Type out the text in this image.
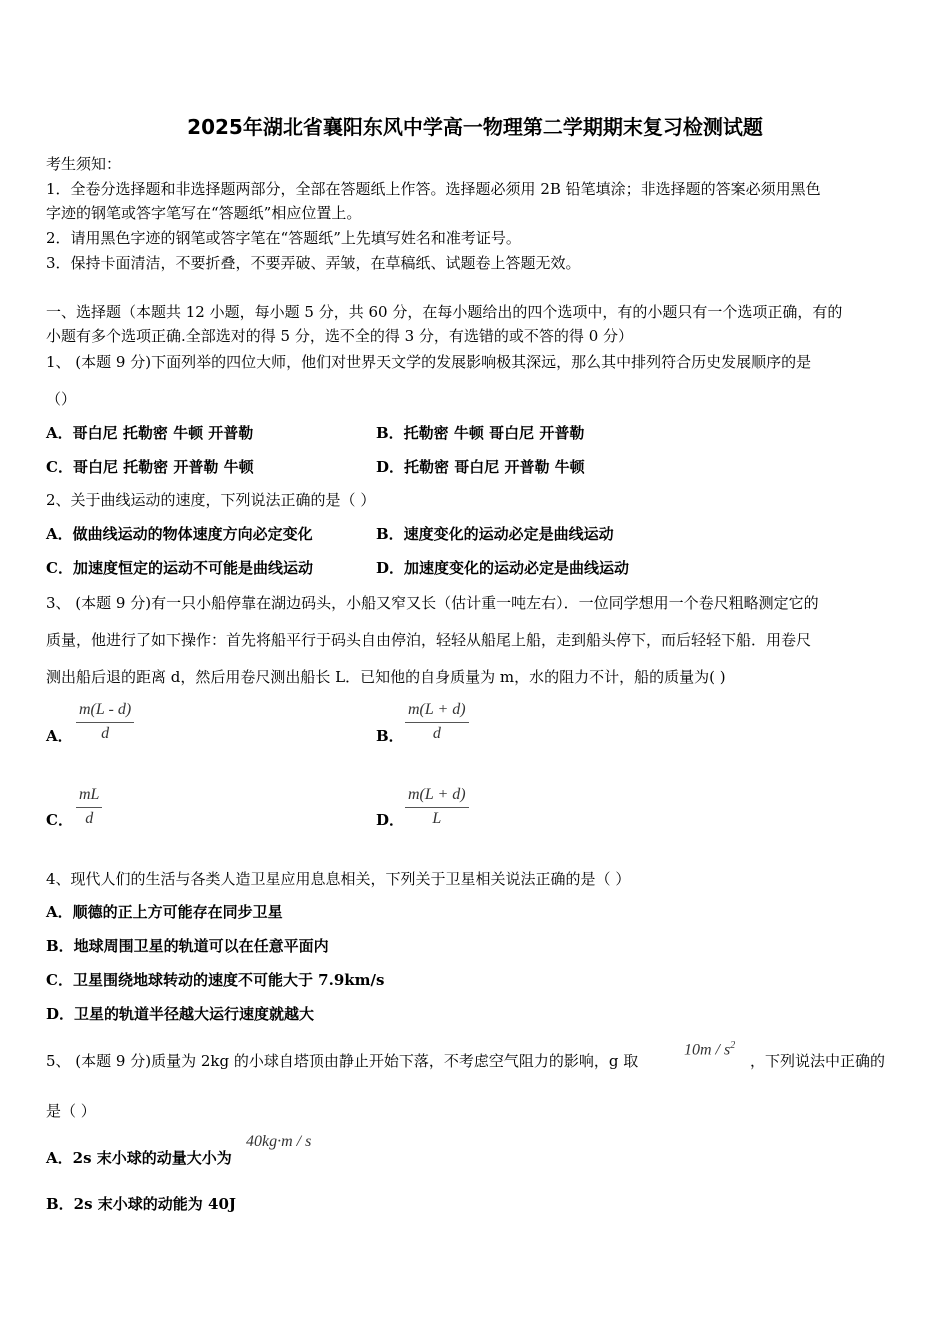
2025年湖北省襄阳东风中学高一物理第二学期期末复习检测试题
考生须知：
1．全卷分选择题和非选择题两部分，全部在答题纸上作答。选择题必须用 2B 铅笔填涂；非选择题的答案必须用黑色
字迹的钢笔或答字笔写在“答题纸”相应位置上。
2．请用黑色字迹的钢笔或答字笔在“答题纸”上先填写姓名和准考证号。
3．保持卡面清洁，不要折叠，不要弄破、弄皱，在草稿纸、试题卷上答题无效。
一、选择题（本题共 12 小题，每小题 5 分，共 60 分，在每小题给出的四个选项中，有的小题只有一个选项正确，有的
小题有多个选项正确.全部选对的得 5 分，选不全的得 3 分，有选错的或不答的得 0 分）
1、 (本题 9 分)下面列举的四位大师，他们对世界天文学的发展影响极其深远，那么其中排列符合历史发展顺序的是
（）
A．哥白尼 托勒密 牛顿 开普勒	B．托勒密 牛顿 哥白尼 开普勒
C．哥白尼 托勒密 开普勒 牛顿	D．托勒密 哥白尼 开普勒 牛顿
2、关于曲线运动的速度，下列说法正确的是（ ）
A．做曲线运动的物体速度方向必定变化	B．速度变化的运动必定是曲线运动
C．加速度恒定的运动不可能是曲线运动	D．加速度变化的运动必定是曲线运动
3、 (本题 9 分)有一只小船停靠在湖边码头，小船又窄又长（估计重一吨左右）．一位同学想用一个卷尺粗略测定它的
质量，他进行了如下操作：首先将船平行于码头自由停泊，轻轻从船尾上船，走到船头停下，而后轻轻下船．用卷尺
测出船后退的距离 d，然后用卷尺测出船长 L．已知他的自身质量为 m，水的阻力不计，船的质量为( )
A． $\frac{m(L - d)}{d}$	B． $\frac{m(L + d)}{d}$
C． $\frac{mL}{d}$	D． $\frac{m(L + d)}{L}$
4、现代人们的生活与各类人造卫星应用息息相关，下列关于卫星相关说法正确的是（ ）
A．顺德的正上方可能存在同步卫星
B．地球周围卫星的轨道可以在任意平面内
C．卫星围绕地球转动的速度不可能大于 7.9km/s
D．卫星的轨道半径越大运行速度就越大
5、 (本题 9 分)质量为 2kg 的小球自塔顶由静止开始下落，不考虑空气阻力的影响，g 取
$10m / s^2$
，下列说法中正确的
是（ ）
A．2s 末小球的动量大小为
40kg·m / s
B．2s 末小球的动能为 40J
